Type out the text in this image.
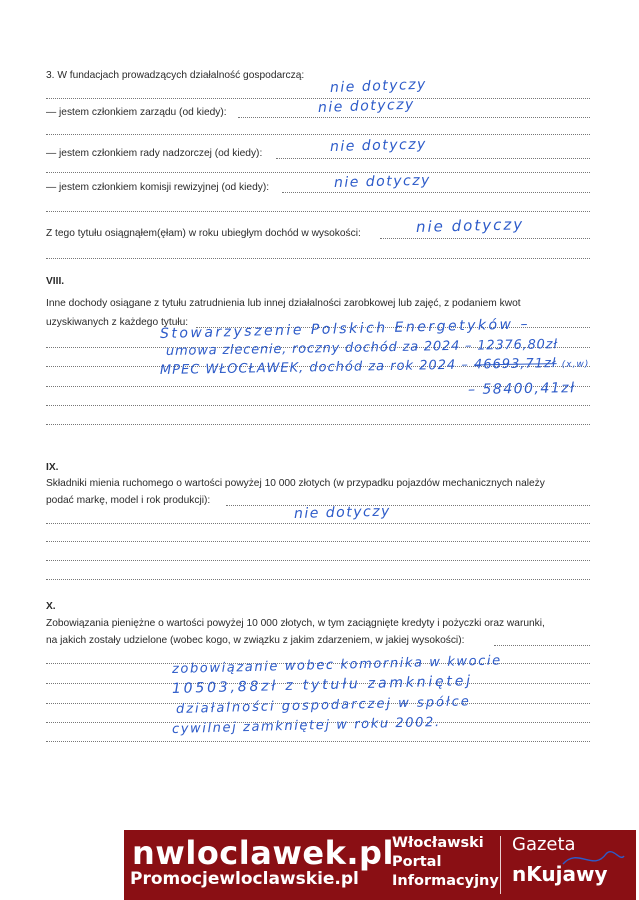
3. W fundacjach prowadzących działalność gospodarczą:
nie dotyczy
— jestem członkiem zarządu (od kiedy):	nie dotyczy
— jestem członkiem rady nadzorczej (od kiedy):	nie dotyczy
— jestem członkiem komisji rewizyjnej (od kiedy):	nie dotyczy
Z tego tytułu osiągnąłem(ęłam) w roku ubiegłym dochód w wysokości:	nie dotyczy
VIII.
Inne dochody osiągane z tytułu zatrudnienia lub innej działalności zarobkowej lub zajęć, z podaniem kwot
uzyskiwanych z każdego tytułu:
Stowarzyszenie Polskich Energetyków –
umowa zlecenie, roczny dochód za 2024 – 12376,80zł
MPEC WŁOCŁAWEK, dochód za rok 2024 – 46693,71zł (x,w)
– 58400,41zł
IX.
Składniki mienia ruchomego o wartości powyżej 10 000 złotych (w przypadku pojazdów mechanicznych należy
podać markę, model i rok produkcji):
nie dotyczy
X.
Zobowiązania pieniężne o wartości powyżej 10 000 złotych, w tym zaciągnięte kredyty i pożyczki oraz warunki,
na jakich zostały udzielone (wobec kogo, w związku z jakim zdarzeniem, w jakiej wysokości):
zobowiązanie wobec komornika w kwocie
10503,88zł z tytułu zamkniętej
działalności gospodarczej w spółce
cywilnej zamkniętej w roku 2002.
nwloclawek.pl
Promocjewloclawskie.pl
Włocławski
Portal
Informacyjny
Gazeta
nKujawy
